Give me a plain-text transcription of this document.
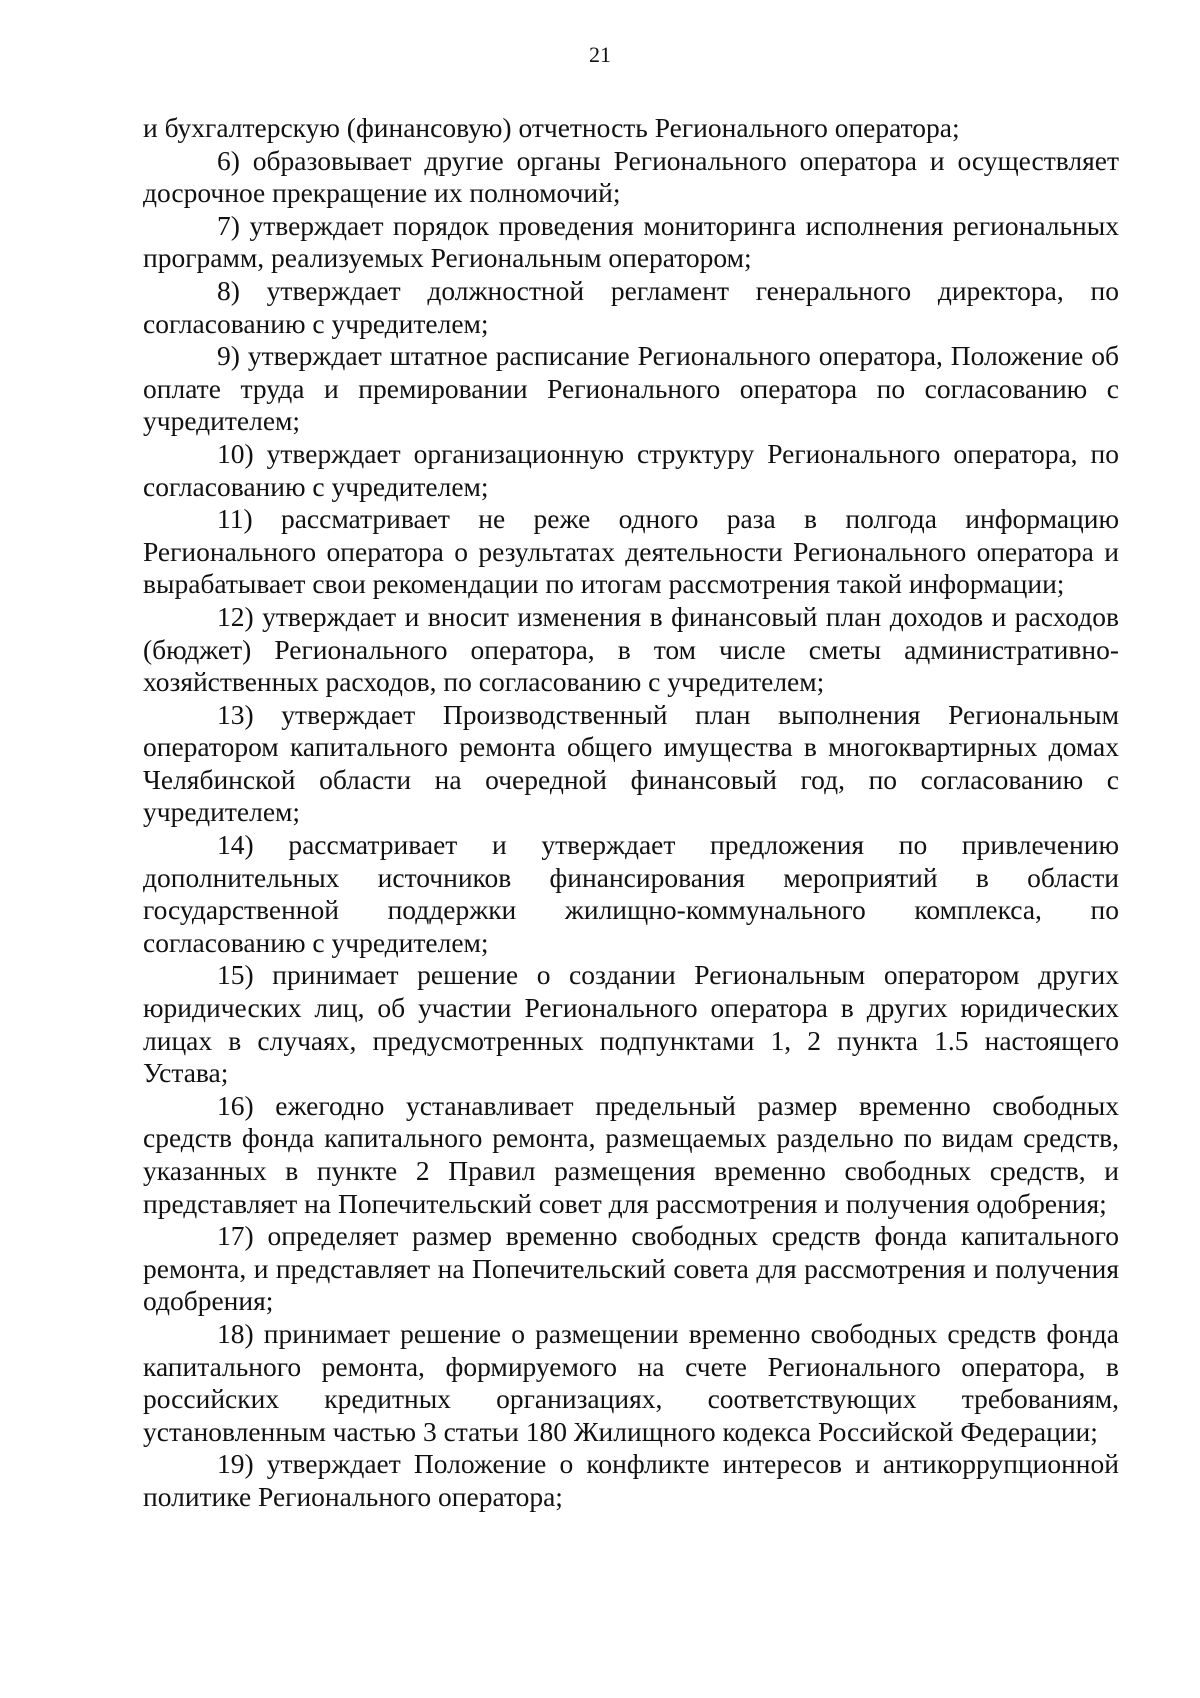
21

и бухгалтерскую (финансовую) отчетность Регионального оператора;

6) образовывает другие органы Регионального оператора и осуществляет досрочное прекращение их полномочий;

7) утверждает порядок проведения мониторинга исполнения региональных программ, реализуемых Региональным оператором;

8) утверждает должностной регламент генерального директора, по согласованию с учредителем;

9) утверждает штатное расписание Регионального оператора, Положение об оплате труда и премировании Регионального оператора по согласованию с учредителем;

10) утверждает организационную структуру Регионального оператора, по согласованию с учредителем;

11) рассматривает не реже одного раза в полгода информацию Регионального оператора о результатах деятельности Регионального оператора и вырабатывает свои рекомендации по итогам рассмотрения такой информации;

12) утверждает и вносит изменения в финансовый план доходов и расходов (бюджет) Регионального оператора, в том числе сметы административно-хозяйственных расходов, по согласованию с учредителем;

13) утверждает Производственный план выполнения Региональным оператором капитального ремонта общего имущества в многоквартирных домах Челябинской области на очередной финансовый год, по согласованию с учредителем;

14) рассматривает и утверждает предложения по привлечению дополнительных источников финансирования мероприятий в области государственной поддержки жилищно-коммунального комплекса, по согласованию с учредителем;

15) принимает решение о создании Региональным оператором других юридических лиц, об участии Регионального оператора в других юридических лицах в случаях, предусмотренных подпунктами 1, 2 пункта 1.5 настоящего Устава;

16) ежегодно устанавливает предельный размер временно свободных средств фонда капитального ремонта, размещаемых раздельно по видам средств, указанных в пункте 2 Правил размещения временно свободных средств, и представляет на Попечительский совет для рассмотрения и получения одобрения;

17) определяет размер временно свободных средств фонда капитального ремонта, и представляет на Попечительский совета для рассмотрения и получения одобрения;

18) принимает решение о размещении временно свободных средств фонда капитального ремонта, формируемого на счете Регионального оператора, в российских кредитных организациях, соответствующих требованиям, установленным частью 3 статьи 180 Жилищного кодекса Российской Федерации;

19) утверждает Положение о конфликте интересов и антикоррупционной политике Регионального оператора;
